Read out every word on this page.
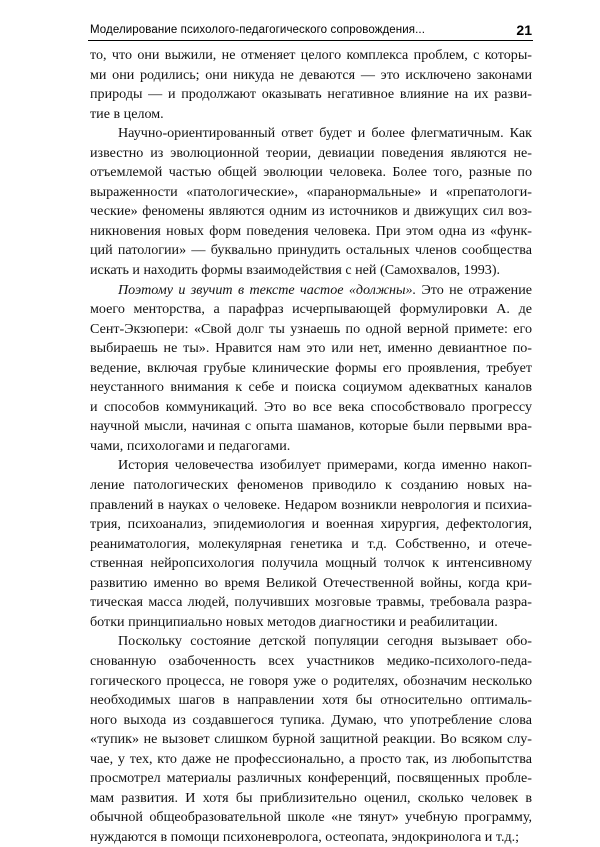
Моделирование психолого-педагогического сопровождения...	21
то, что они выжили, не отменяет целого комплекса проблем, с которы-
ми они родились; они никуда не деваются — это исключено законами
природы — и продолжают оказывать негативное влияние на их разви-
тие в целом.
Научно-ориентированный ответ будет и более флегматичным. Как
известно из эволюционной теории, девиации поведения являются не-
отъемлемой частью общей эволюции человека. Более того, разные по
выраженности «патологические», «параноpмальные» и «препатологи-
ческие» феномены являются одним из источников и движущих сил воз-
никновения новых форм поведения человека. При этом одна из «функ-
ций патологии» — буквально принудить остальных членов сообщества
искать и находить формы взаимодействия с ней (Самохвалов, 1993).
Поэтому и звучит в тексте частое «должны». Это не отражение
моего менторства, а парафраз исчерпывающей формулировки А. де
Сент-Экзюпери: «Свой долг ты узнаешь по одной верной примете: его
выбираешь не ты». Нравится нам это или нет, именно девиантное по-
ведение, включая грубые клинические формы его проявления, требует
неустанного внимания к себе и поиска социумом адекватных каналов
и способов коммуникаций. Это во все века способствовало прогрессу
научной мысли, начиная с опыта шаманов, которые были первыми вра-
чами, психологами и педагогами.
История человечества изобилует примерами, когда именно накоп-
ление патологических феноменов приводило к созданию новых на-
правлений в науках о человеке. Недаром возникли неврология и психиа-
трия, психоанализ, эпидемиология и военная хирургия, дефектология,
реаниматология, молекулярная генетика и т.д. Собственно, и отече-
ственная нейропсихология получила мощный толчок к интенсивному
развитию именно во время Великой Отечественной войны, когда кри-
тическая масса людей, получивших мозговые травмы, требовала разра-
ботки принципиально новых методов диагностики и реабилитации.
Поскольку состояние детской популяции сегодня вызывает обо-
снованную озабоченность всех участников медико-психолого-педа-
гогического процесса, не говоря уже о родителях, обозначим несколько
необходимых шагов в направлении хотя бы относительно оптималь-
ного выхода из создавшегося тупика. Думаю, что употребление слова
«тупик» не вызовет слишком бурной защитной реакции. Во всяком слу-
чае, у тех, кто даже не профессионально, а просто так, из любопытства
просмотрел материалы различных конференций, посвященных пробле-
мам развития. И хотя бы приблизительно оценил, сколько человек в
обычной общеобразовательной школе «не тянут» учебную программу,
нуждаются в помощи психоневролога, остеопата, эндокринолога и т.д.;
